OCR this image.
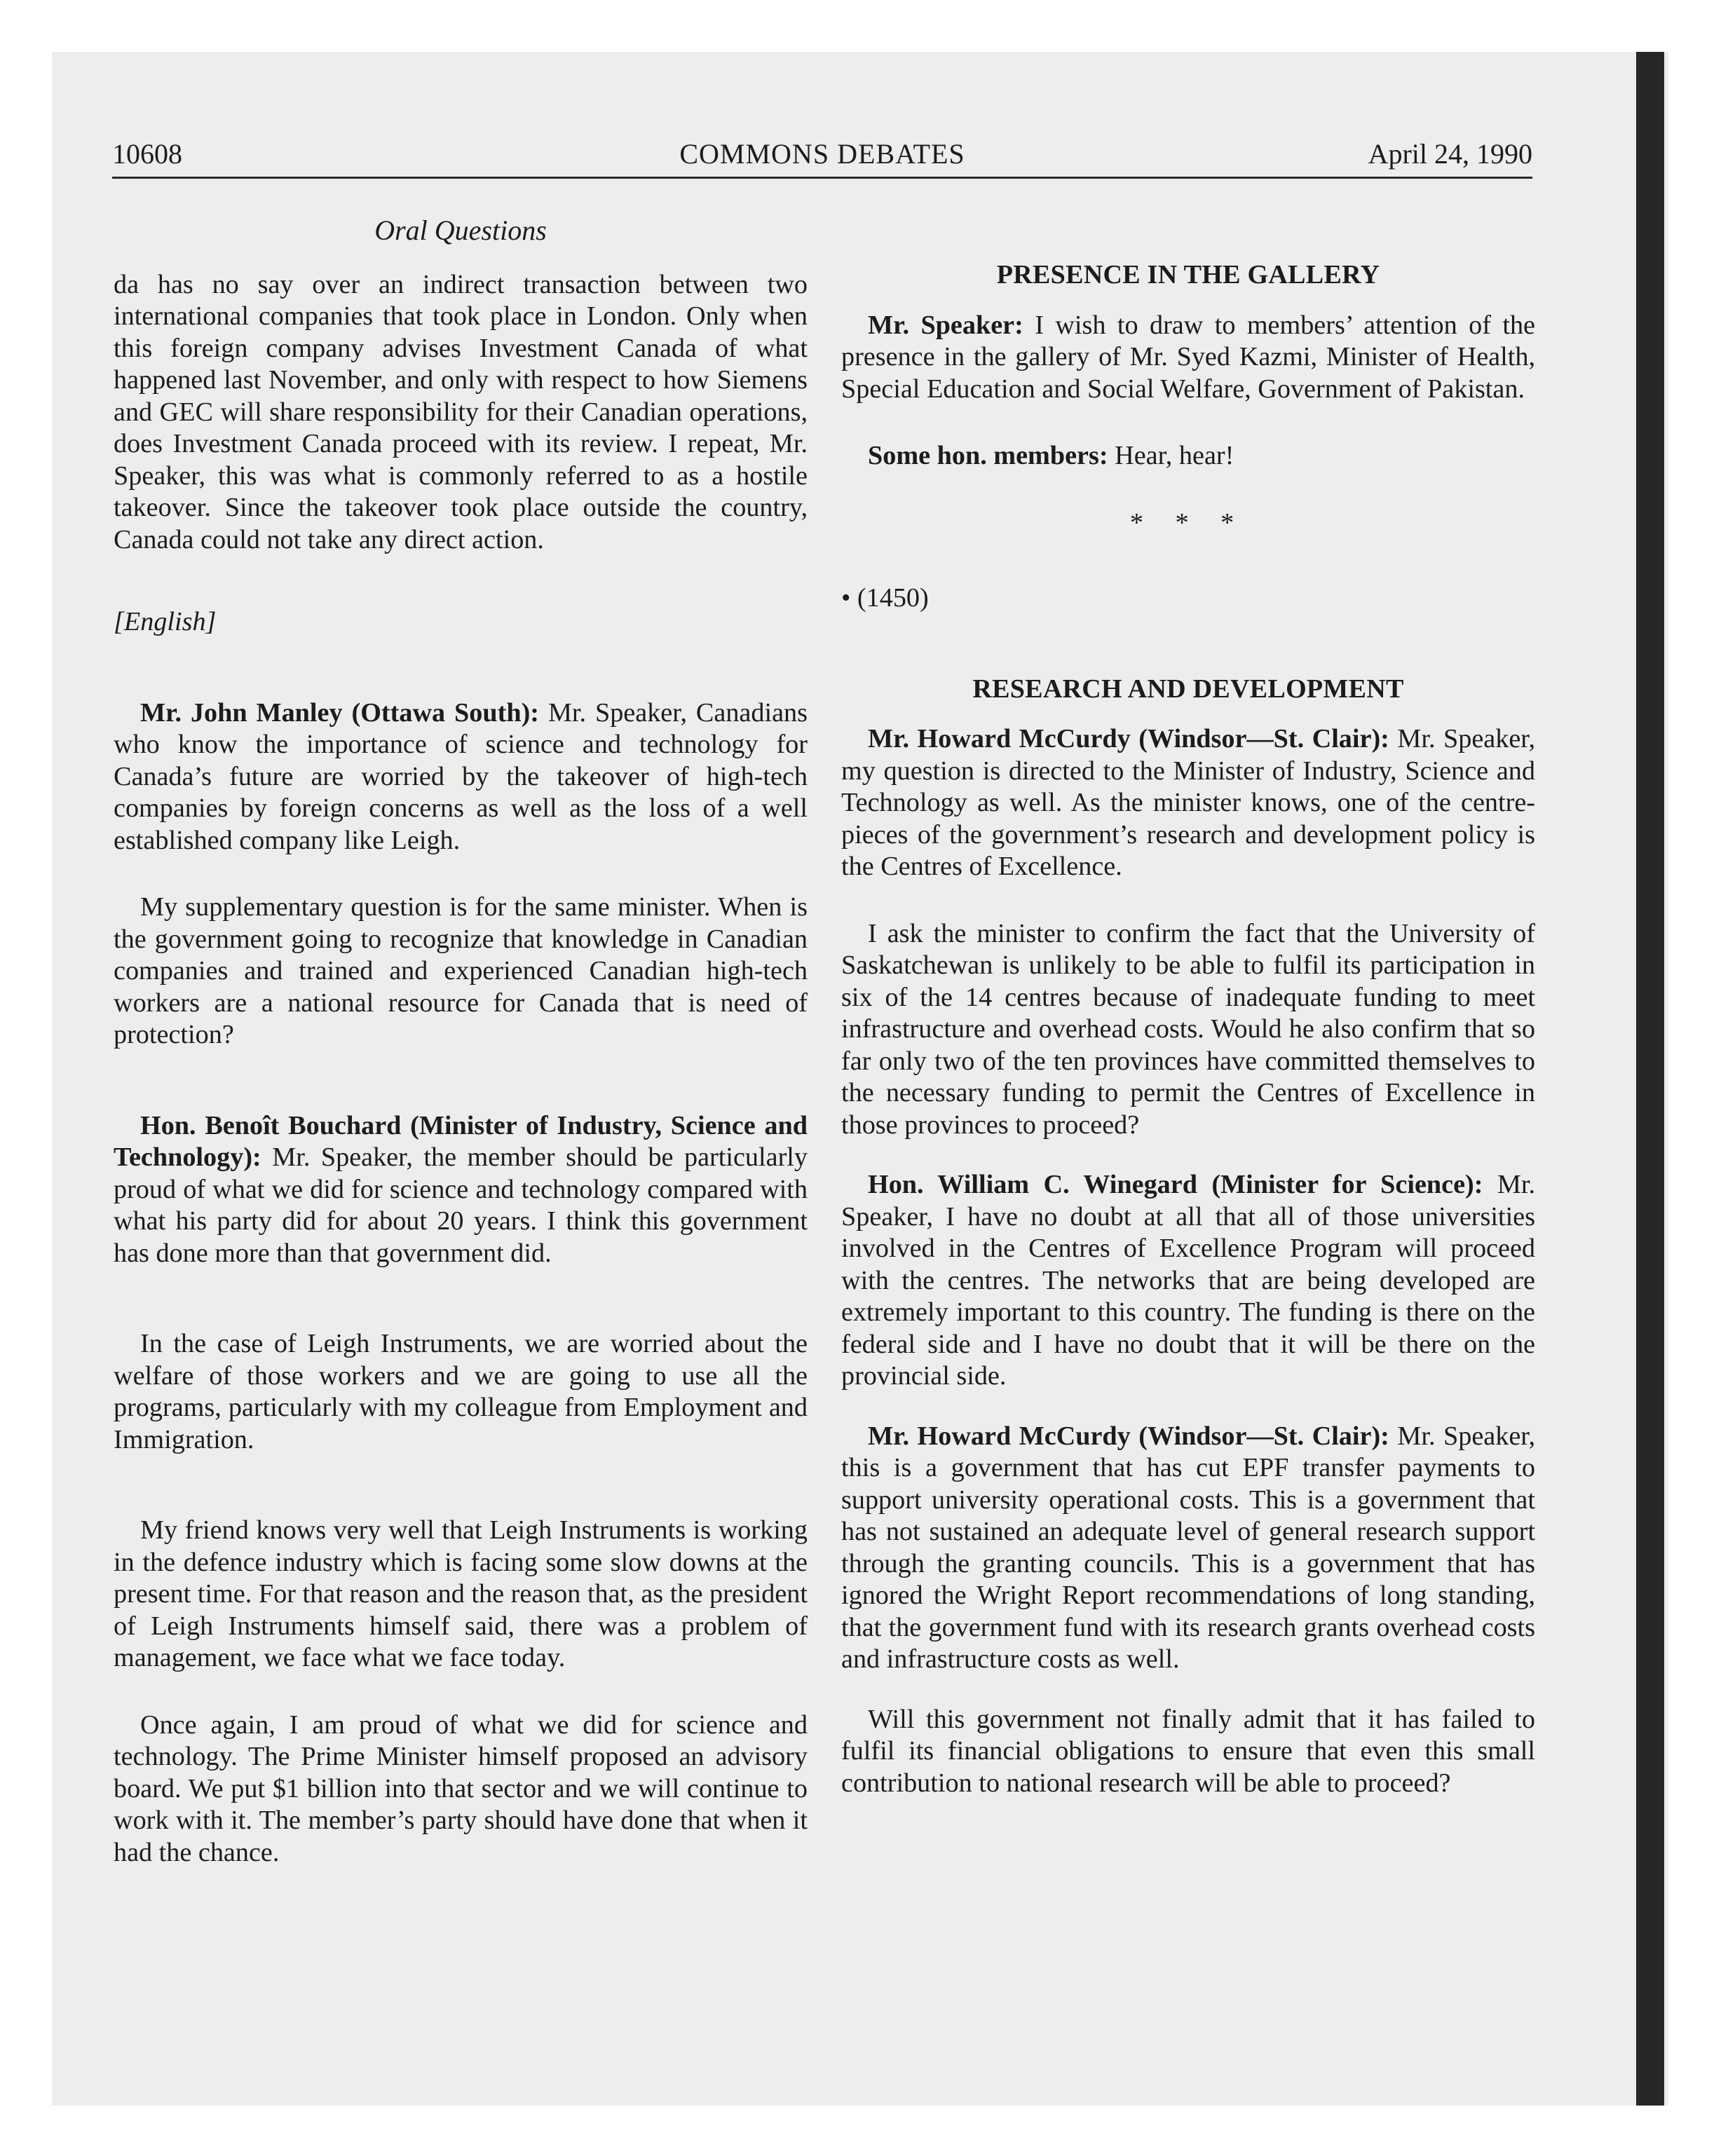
COMMONS DEBATES
10608	April 24, 1990
Oral Questions

da has no say over an indirect transaction between two international companies that took place in London. Only when this foreign company advises Investment Canada of what happened last November, and only with respect to how Siemens and GEC will share responsibility for their Canadian operations, does Investment Canada proceed with its review. I repeat, Mr. Speaker, this was what is commonly referred to as a hostile takeover. Since the takeover took place outside the country, Canada could not take any direct action.

[English]

Mr. John Manley (Ottawa South): Mr. Speaker, Canadians who know the importance of science and technology for Canada’s future are worried by the takeover of high-tech companies by foreign concerns as well as the loss of a well established company like Leigh.

My supplementary question is for the same minister. When is the government going to recognize that knowledge in Canadian companies and trained and experienced Canadian high-tech workers are a national resource for Canada that is need of protection?

Hon. Benoît Bouchard (Minister of Industry, Science and Technology): Mr. Speaker, the member should be particularly proud of what we did for science and technology compared with what his party did for about 20 years. I think this government has done more than that government did.

In the case of Leigh Instruments, we are worried about the welfare of those workers and we are going to use all the programs, particularly with my colleague from Employment and Immigration.

My friend knows very well that Leigh Instruments is working in the defence industry which is facing some slow downs at the present time. For that reason and the reason that, as the president of Leigh Instruments himself said, there was a problem of management, we face what we face today.

Once again, I am proud of what we did for science and technology. The Prime Minister himself proposed an advisory board. We put $1 billion into that sector and we will continue to work with it. The member’s party should have done that when it had the chance.

PRESENCE IN THE GALLERY

Mr. Speaker: I wish to draw to members’ attention of the presence in the gallery of Mr. Syed Kazmi, Minister of Health, Special Education and Social Welfare, Government of Pakistan.

Some hon. members: Hear, hear!

* * *

• (1450)

RESEARCH AND DEVELOPMENT

Mr. Howard McCurdy (Windsor—St. Clair): Mr. Speaker, my question is directed to the Minister of Industry, Science and Technology as well. As the minister knows, one of the centre-pieces of the government’s research and development policy is the Centres of Excellence.

I ask the minister to confirm the fact that the University of Saskatchewan is unlikely to be able to fulfil its participation in six of the 14 centres because of inadequate funding to meet infrastructure and overhead costs. Would he also confirm that so far only two of the ten provinces have committed themselves to the necessary funding to permit the Centres of Excellence in those provinces to proceed?

Hon. William C. Winegard (Minister for Science): Mr. Speaker, I have no doubt at all that all of those universities involved in the Centres of Excellence Program will proceed with the centres. The networks that are being developed are extremely important to this country. The funding is there on the federal side and I have no doubt that it will be there on the provincial side.

Mr. Howard McCurdy (Windsor—St. Clair): Mr. Speaker, this is a government that has cut EPF transfer payments to support university operational costs. This is a government that has not sustained an adequate level of general research support through the granting councils. This is a government that has ignored the Wright Report recommendations of long standing, that the government fund with its research grants overhead costs and infrastructure costs as well.

Will this government not finally admit that it has failed to fulfil its financial obligations to ensure that even this small contribution to national research will be able to proceed?
